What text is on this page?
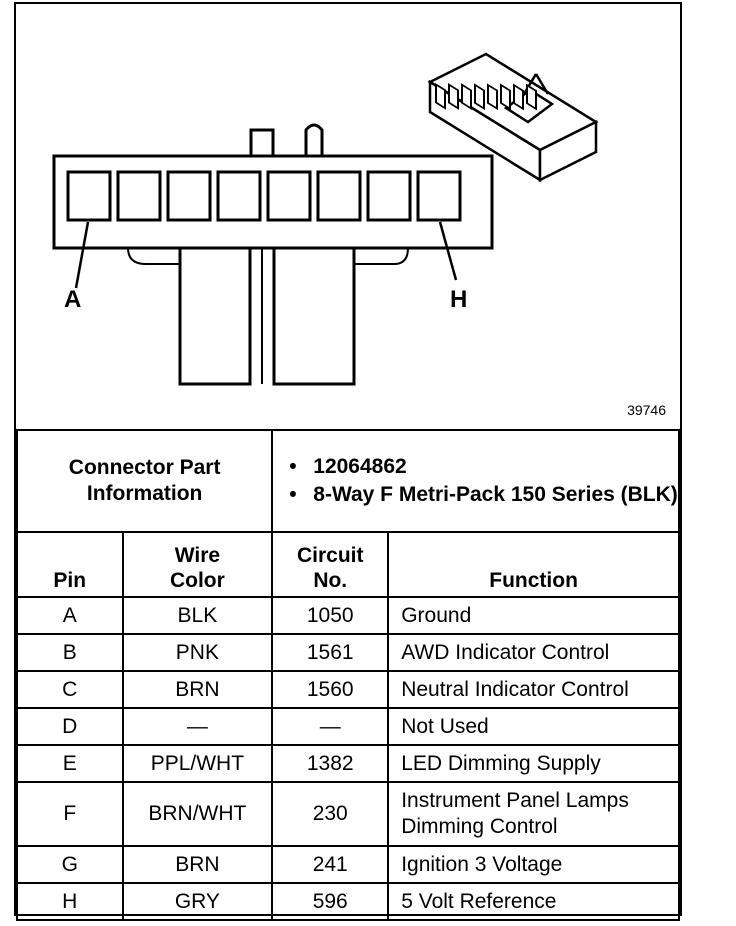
A	H
39746
Connector Part Information		• 12064862
• 8-Way F Metri-Pack 150 Series (BLK)	

Pin	Wire Color	Circuit No.	Function
A	BLK	1050	Ground
B	PNK	1561	AWD Indicator Control
C	BRN	1560	Neutral Indicator Control
D	—	—	Not Used
E	PPL/WHT	1382	LED Dimming Supply
F	BRN/WHT	230	Instrument Panel Lamps Dimming Control
G	BRN	241	Ignition 3 Voltage
H	GRY	596	5 Volt Reference
